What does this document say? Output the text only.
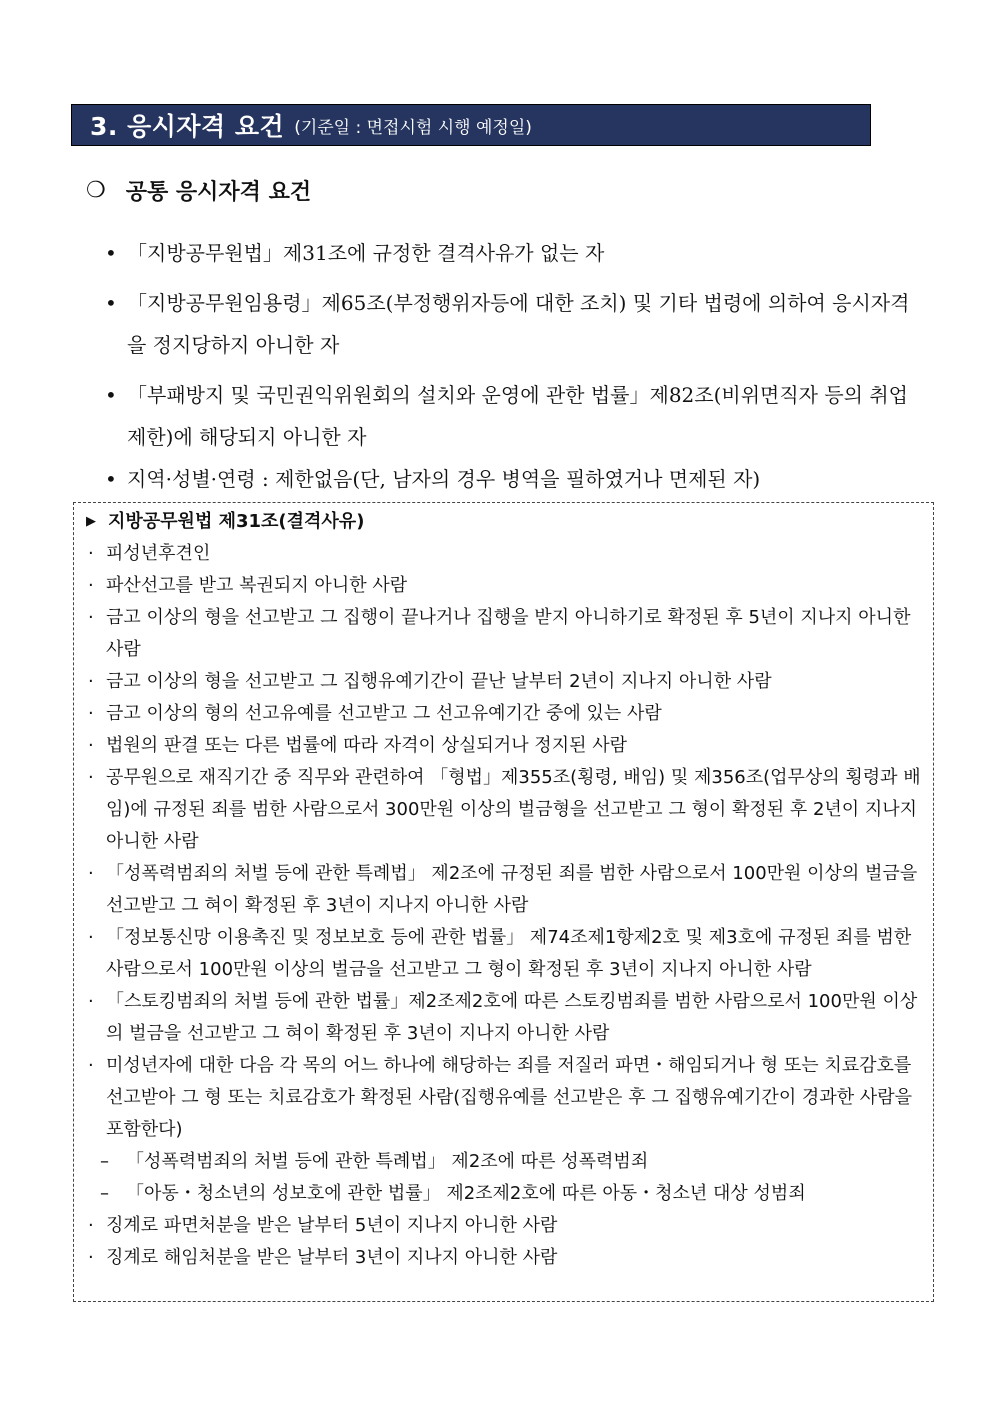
3. 응시자격 요건 (기준일 : 면접시험 시행 예정일)
❍ 공통 응시자격 요건
• 「지방공무원법」제31조에 규정한 결격사유가 없는 자
• 「지방공무원임용령」제65조(부정행위자등에 대한 조치) 및 기타 법령에 의하여 응시자격을 정지당하지 아니한 자
• 「부패방지 및 국민권익위원회의 설치와 운영에 관한 법률」제82조(비위면직자 등의 취업제한)에 해당되지 아니한 자
• 지역·성별·연령 : 제한없음(단, 남자의 경우 병역을 필하였거나 면제된 자)
▶ 지방공무원법 제31조(결격사유)
· 피성년후견인
· 파산선고를 받고 복권되지 아니한 사람
· 금고 이상의 형을 선고받고 그 집행이 끝나거나 집행을 받지 아니하기로 확정된 후 5년이 지나지 아니한 사람
· 금고 이상의 형을 선고받고 그 집행유예기간이 끝난 날부터 2년이 지나지 아니한 사람
· 금고 이상의 형의 선고유예를 선고받고 그 선고유예기간 중에 있는 사람
· 법원의 판결 또는 다른 법률에 따라 자격이 상실되거나 정지된 사람
· 공무원으로 재직기간 중 직무와 관련하여 「형법」제355조(횡령, 배임) 및 제356조(업무상의 횡령과 배임)에 규정된 죄를 범한 사람으로서 300만원 이상의 벌금형을 선고받고 그 형이 확정된 후 2년이 지나지 아니한 사람
· 「성폭력범죄의 처벌 등에 관한 특례법」 제2조에 규정된 죄를 범한 사람으로서 100만원 이상의 벌금을 선고받고 그 혀이 확정된 후 3년이 지나지 아니한 사람
· 「정보통신망 이용촉진 및 정보보호 등에 관한 법률」 제74조제1항제2호 및 제3호에 규정된 죄를 범한 사람으로서 100만원 이상의 벌금을 선고받고 그 형이 확정된 후 3년이 지나지 아니한 사람
· 「스토킹범죄의 처벌 등에 관한 법률」제2조제2호에 따른 스토킹범죄를 범한 사람으로서 100만원 이상의 벌금을 선고받고 그 혀이 확정된 후 3년이 지나지 아니한 사람
· 미성년자에 대한 다음 각 목의 어느 하나에 해당하는 죄를 저질러 파면・해임되거나 형 또는 치료감호를 선고받아 그 형 또는 치료감호가 확정된 사람(집행유예를 선고받은 후 그 집행유예기간이 경과한 사람을 포함한다)
– 「성폭력범죄의 처벌 등에 관한 특례법」 제2조에 따른 성폭력범죄
– 「아동・청소년의 성보호에 관한 법률」 제2조제2호에 따른 아동・청소년 대상 성범죄
· 징계로 파면처분을 받은 날부터 5년이 지나지 아니한 사람
· 징계로 해임처분을 받은 날부터 3년이 지나지 아니한 사람
